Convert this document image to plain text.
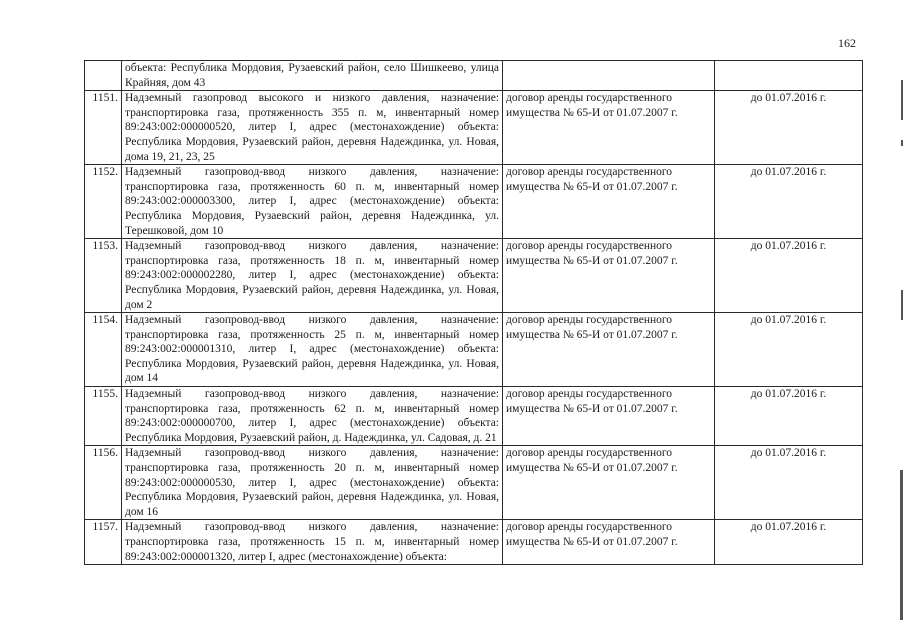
162
	объекта: Республика Мордовия, Рузаевский район, село Шишкеево, улица Крайняя, дом 43		
1151.	Надземный газопровод высокого и низкого давления, назначение: транспортировка газа, протяженность 355 п. м, инвентарный номер 89:243:002:000000520, литер I, адрес (местонахождение) объекта: Республика Мордовия, Рузаевский район, деревня Надеждинка, ул. Новая, дома 19, 21, 23, 25	договор аренды государственного имущества № 65-И от 01.07.2007 г.	до 01.07.2016 г.
1152.	Надземный газопровод-ввод низкого давления, назначение: транспортировка газа, протяженность 60 п. м, инвентарный номер 89:243:002:000003300, литер I, адрес (местонахождение) объекта: Республика Мордовия, Рузаевский район, деревня Надеждинка, ул. Терешковой, дом 10	договор аренды государственного имущества № 65-И от 01.07.2007 г.	до 01.07.2016 г.
1153.	Надземный газопровод-ввод низкого давления, назначение: транспортировка газа, протяженность 18 п. м, инвентарный номер 89:243:002:000002280, литер I, адрес (местонахождение) объекта: Республика Мордовия, Рузаевский район, деревня Надеждинка, ул. Новая, дом 2	договор аренды государственного имущества № 65-И от 01.07.2007 г.	до 01.07.2016 г.
1154.	Надземный газопровод-ввод низкого давления, назначение: транспортировка газа, протяженность 25 п. м, инвентарный номер 89:243:002:000001310, литер I, адрес (местонахождение) объекта: Республика Мордовия, Рузаевский район, деревня Надеждинка, ул. Новая, дом 14	договор аренды государственного имущества № 65-И от 01.07.2007 г.	до 01.07.2016 г.
1155.	Надземный газопровод-ввод низкого давления, назначение: транспортировка газа, протяженность 62 п. м, инвентарный номер 89:243:002:000000700, литер I, адрес (местонахождение) объекта: Республика Мордовия, Рузаевский район, д. Надеждинка, ул. Садовая, д. 21	договор аренды государственного имущества № 65-И от 01.07.2007 г.	до 01.07.2016 г.
1156.	Надземный газопровод-ввод низкого давления, назначение: транспортировка газа, протяженность 20 п. м, инвентарный номер 89:243:002:000000530, литер I, адрес (местонахождение) объекта: Республика Мордовия, Рузаевский район, деревня Надеждинка, ул. Новая, дом 16	договор аренды государственного имущества № 65-И от 01.07.2007 г.	до 01.07.2016 г.
1157.	Надземный газопровод-ввод низкого давления, назначение: транспортировка газа, протяженность 15 п. м, инвентарный номер 89:243:002:000001320, литер I, адрес (местонахождение) объекта:	договор аренды государственного имущества № 65-И от 01.07.2007 г.	до 01.07.2016 г.
